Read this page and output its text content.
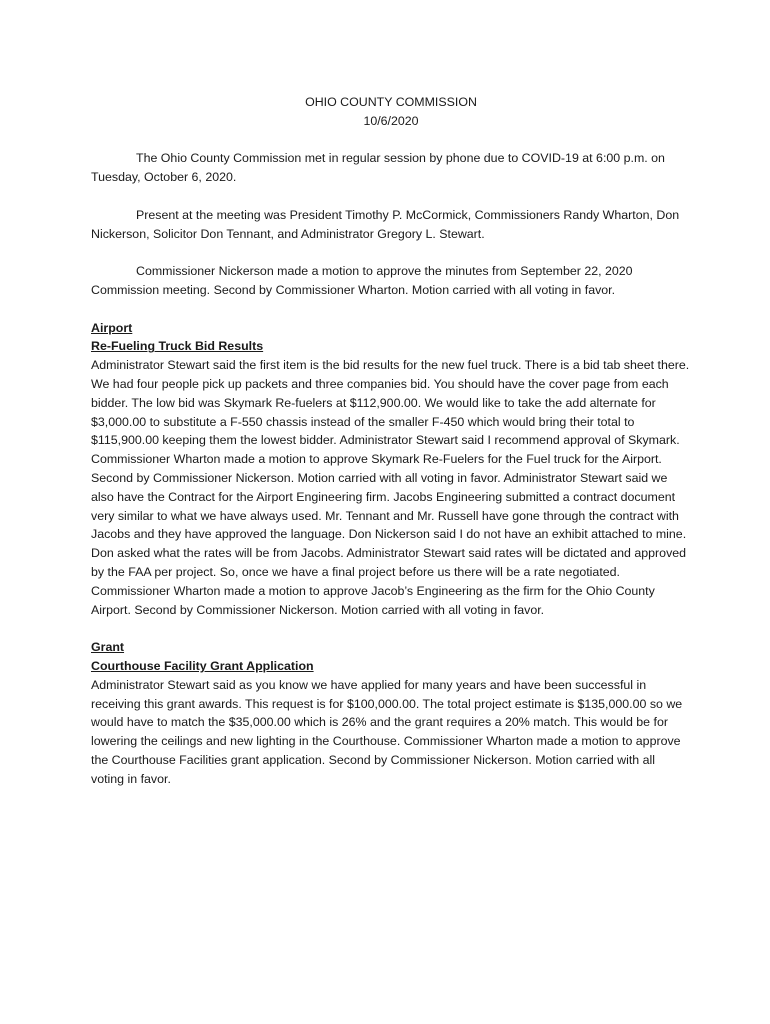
OHIO COUNTY COMMISSION
10/6/2020

The Ohio County Commission met in regular session by phone due to COVID-19 at 6:00 p.m. on Tuesday, October 6, 2020.

Present at the meeting was President Timothy P. McCormick, Commissioners Randy Wharton, Don Nickerson, Solicitor Don Tennant, and Administrator Gregory L. Stewart.

Commissioner Nickerson made a motion to approve the minutes from September 22, 2020 Commission meeting. Second by Commissioner Wharton. Motion carried with all voting in favor.

Airport

Re-Fueling Truck Bid Results

Administrator Stewart said the first item is the bid results for the new fuel truck. There is a bid tab sheet there. We had four people pick up packets and three companies bid. You should have the cover page from each bidder. The low bid was Skymark Re-fuelers at $112,900.00. We would like to take the add alternate for $3,000.00 to substitute a F-550 chassis instead of the smaller F-450 which would bring their total to $115,900.00 keeping them the lowest bidder. Administrator Stewart said I recommend approval of Skymark. Commissioner Wharton made a motion to approve Skymark Re-Fuelers for the Fuel truck for the Airport. Second by Commissioner Nickerson. Motion carried with all voting in favor. Administrator Stewart said we also have the Contract for the Airport Engineering firm. Jacobs Engineering submitted a contract document very similar to what we have always used. Mr. Tennant and Mr. Russell have gone through the contract with Jacobs and they have approved the language. Don Nickerson said I do not have an exhibit attached to mine. Don asked what the rates will be from Jacobs. Administrator Stewart said rates will be dictated and approved by the FAA per project. So, once we have a final project before us there will be a rate negotiated. Commissioner Wharton made a motion to approve Jacob’s Engineering as the firm for the Ohio County Airport. Second by Commissioner Nickerson. Motion carried with all voting in favor.

Grant

Courthouse Facility Grant Application

Administrator Stewart said as you know we have applied for many years and have been successful in receiving this grant awards. This request is for $100,000.00. The total project estimate is $135,000.00 so we would have to match the $35,000.00 which is 26% and the grant requires a 20% match. This would be for lowering the ceilings and new lighting in the Courthouse. Commissioner Wharton made a motion to approve the Courthouse Facilities grant application. Second by Commissioner Nickerson. Motion carried with all voting in favor.
